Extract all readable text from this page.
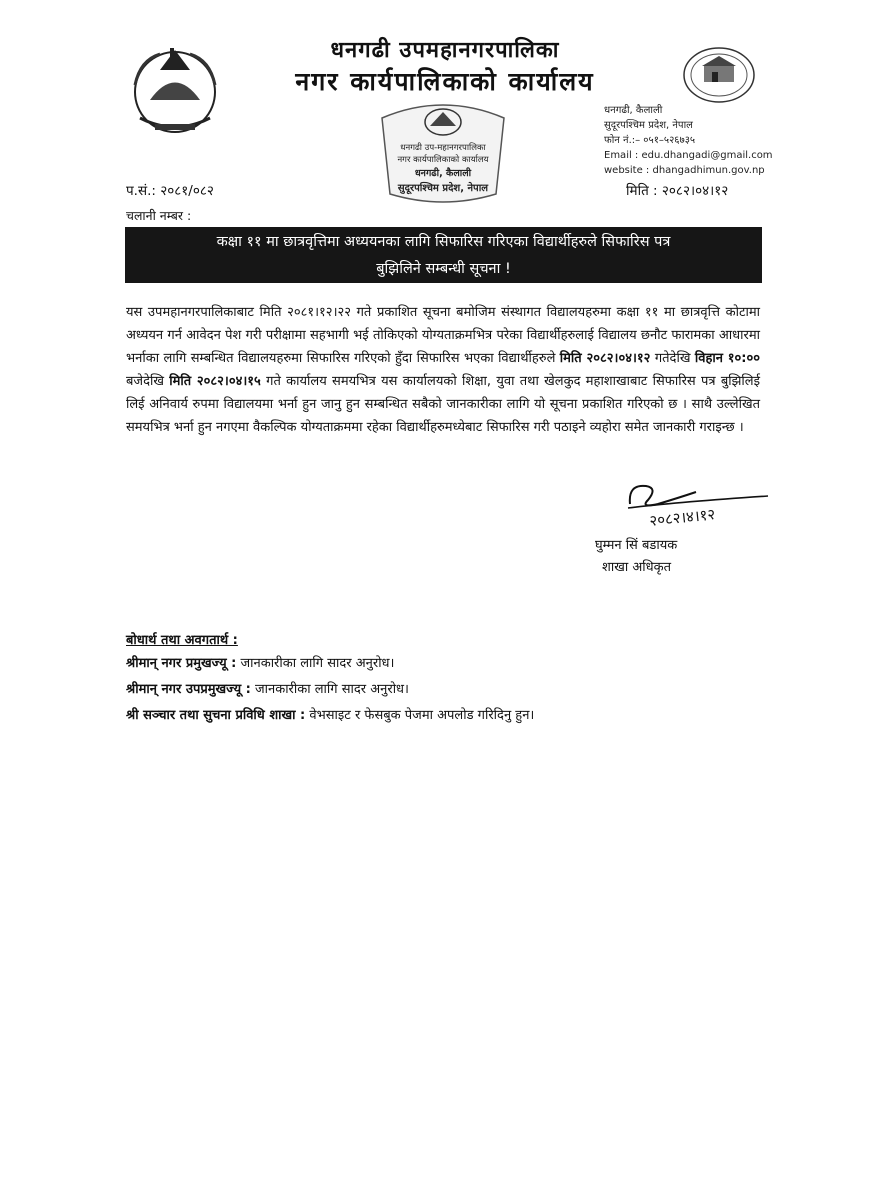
धनगढी उपमहानगरपालिका
नगर कार्यपालिकाको कार्यालय
धनगढी, कैलाली
सुदूरपश्चिम प्रदेश, नेपाल
फोन नं.:– ०५१–५२६७३५
Email : edu.dhangadi@gmail.com
website : dhangadhimun.gov.np
धनगढी उप-महानगरपालिका
नगर कार्यपालिकाको कार्यालय
धनगढी, कैलाली
सुदूरपश्चिम प्रदेश, नेपाल
प.सं.: २०८१/०८२	मिति : २०८२।०४।१२
चलानी नम्बर :
कक्षा ११ मा छात्रवृत्तिमा अध्ययनका लागि सिफारिस गरिएका विद्यार्थीहरुले सिफारिस पत्र
बुझिलिने सम्बन्धी सूचना !
यस उपमहानगरपालिकाबाट मिति २०८१।१२।२२ गते प्रकाशित सूचना बमोजिम संस्थागत विद्यालयहरुमा कक्षा ११ मा छात्रवृत्ति कोटामा अध्ययन गर्न आवेदन पेश गरी परीक्षामा सहभागी भई तोकिएको योग्यताक्रमभित्र परेका विद्यार्थीहरुलाई विद्यालय छनौट फारामका आधारमा भर्नाका लागि सम्बन्धित विद्यालयहरुमा सिफारिस गरिएको हुँदा सिफारिस भएका विद्यार्थीहरुले मिति २०८२।०४।१२ गतेदेखि विहान १०:०० बजेदेखि मिति २०८२।०४।१५ गते कार्यालय समयभित्र यस कार्यालयको शिक्षा, युवा तथा खेलकुद महाशाखाबाट सिफारिस पत्र बुझिलिई लिई अनिवार्य रुपमा विद्यालयमा भर्ना हुन जानु हुन सम्बन्धित सबैको जानकारीका लागि यो सूचना प्रकाशित गरिएको छ । साथै उल्लेखित समयभित्र भर्ना हुन नगएमा वैकल्पिक योग्यताक्रममा रहेका विद्यार्थीहरुमध्येबाट सिफारिस गरी पठाइने व्यहोरा समेत जानकारी गराइन्छ ।
२०८२।४।१२
घुम्मन सिं बडायक
शाखा अधिकृत
बोधार्थ तथा अवगतार्थ :
श्रीमान् नगर प्रमुखज्यू : जानकारीका लागि सादर अनुरोध।
श्रीमान् नगर उपप्रमुखज्यू : जानकारीका लागि सादर अनुरोध।
श्री सञ्चार तथा सुचना प्रविधि शाखा : वेभसाइट र फेसबुक पेजमा अपलोड गरिदिनु हुन।
